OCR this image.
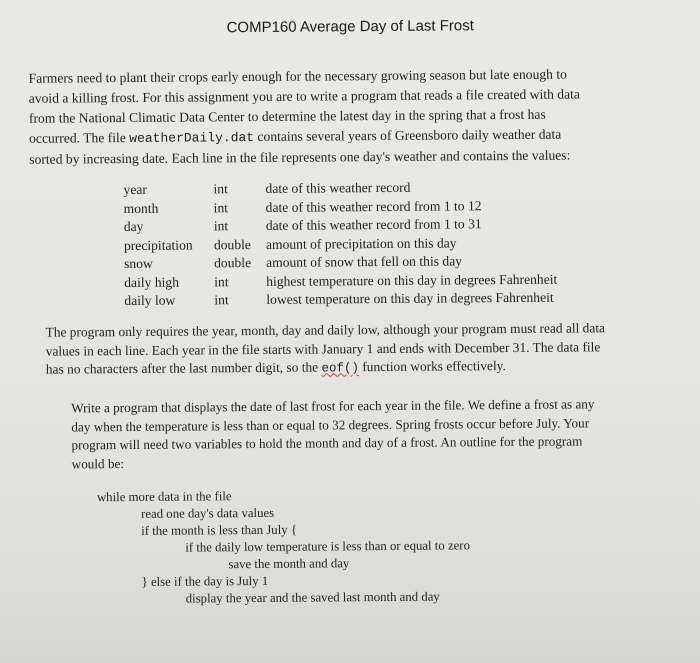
COMP160 Average Day of Last Frost

Farmers need to plant their crops early enough for the necessary growing season but late enough to
avoid a killing frost. For this assignment you are to write a program that reads a file created with data
from the National Climatic Data Center to determine the latest day in the spring that a frost has
occurred. The file weatherDaily.dat contains several years of Greensboro daily weather data
sorted by increasing date. Each line in the file represents one day's weather and contains the values:

year	int	date of this weather record
month	int	date of this weather record from 1 to 12
day	int	date of this weather record from 1 to 31
precipitation	double	amount of precipitation on this day
snow	double	amount of snow that fell on this day
daily high	int	highest temperature on this day in degrees Fahrenheit
daily low	int	lowest temperature on this day in degrees Fahrenheit

The program only requires the year, month, day and daily low, although your program must read all data
values in each line. Each year in the file starts with January 1 and ends with December 31. The data file
has no characters after the last number digit, so the eof() function works effectively.

Write a program that displays the date of last frost for each year in the file. We define a frost as any
day when the temperature is less than or equal to 32 degrees. Spring frosts occur before July. Your
program will need two variables to hold the month and day of a frost. An outline for the program
would be:

while more data in the file
read one day's data values
if the month is less than July {
if the daily low temperature is less than or equal to zero
save the month and day
} else if the day is July 1
display the year and the saved last month and day
